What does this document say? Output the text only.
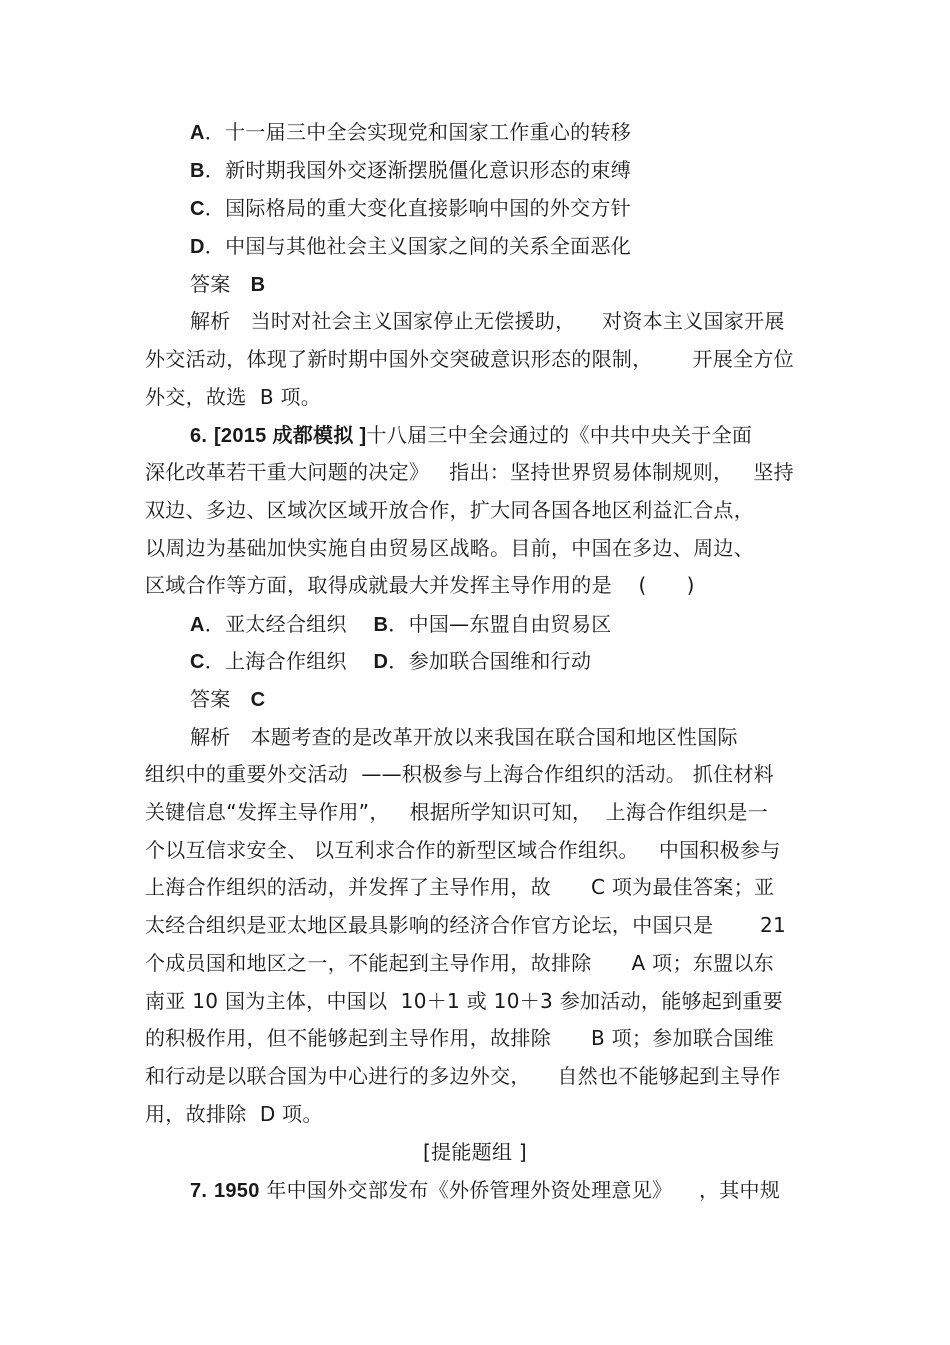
A．十一届三中全会实现党和国家工作重心的转移
B．新时期我国外交逐渐摆脱僵化意识形态的束缚
C．国际格局的重大变化直接影响中国的外交方针
D．中国与其他社会主义国家之间的关系全面恶化
答案 B
解析 当时对社会主义国家停止无偿援助，    对资本主义国家开展
外交活动，体现了新时期中国外交突破意识形态的限制，      开展全方位
外交，故选  B 项。
6. [2015 成都模拟 ]十八届三中全会通过的《中共中央关于全面
深化改革若干重大问题的决定》   指出：坚持世界贸易体制规则，   坚持
双边、多边、区域次区域开放合作，扩大同各国各地区利益汇合点，
以周边为基础加快实施自由贸易区战略。目前，中国在多边、周边、
区域合作等方面，取得成就最大并发挥主导作用的是    (      )
A．亚太经合组织 B．中国—东盟自由贸易区
C．上海合作组织 D．参加联合国维和行动
答案 C
解析 本题考查的是改革开放以来我国在联合国和地区性国际
组织中的重要外交活动  ——积极参与上海合作组织的活动。 抓住材料
关键信息“发挥主导作用”，   根据所学知识可知，  上海合作组织是一
个以互信求安全、 以互利求合作的新型区域合作组织。   中国积极参与
上海合作组织的活动，并发挥了主导作用，故      C 项为最佳答案；亚
太经合组织是亚太地区最具影响的经济合作官方论坛，中国只是       21
个成员国和地区之一，不能起到主导作用，故排除      A 项；东盟以东
南亚 10 国为主体，中国以  10＋1 或 10＋3 参加活动，能够起到重要
的积极作用，但不能够起到主导作用，故排除      B 项；参加联合国维
和行动是以联合国为中心进行的多边外交，    自然也不能够起到主导作
用，故排除  D 项。
[提能题组 ]
7. 1950 年中国外交部发布《外侨管理外资处理意见》    ，其中规
